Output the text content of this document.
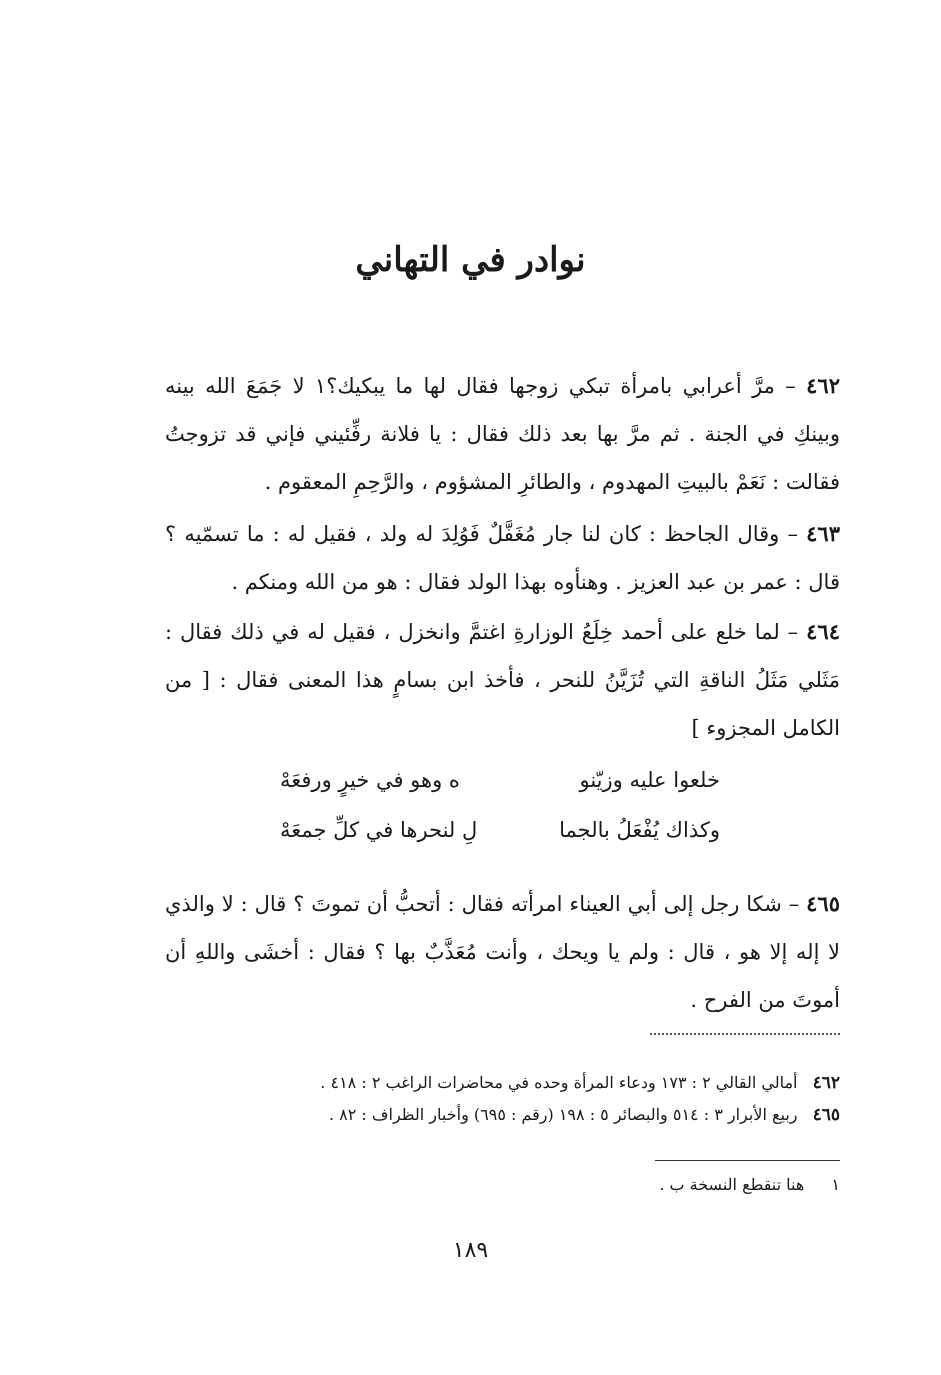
نوادر في التهاني
٤٦٢ – مرَّ أعرابي بامرأة تبكي زوجها فقال لها ما يبكيك؟١ لا جَمَعَ الله بينه وبينكِ في الجنة . ثم مرَّ بها بعد ذلك فقال : يا فلانة رفِّئيني فإني قد تزوجتُ فقالت : نَعَمْ بالبيتِ المهدوم ، والطائرِ المشؤوم ، والرَّحِمِ المعقوم .
٤٦٣ – وقال الجاحظ : كان لنا جار مُغَفَّلٌ فَوُلِدَ له ولد ، فقيل له : ما تسمّيه ؟ قال : عمر بن عبد العزيز . وهنأوه بهذا الولد فقال : هو من الله ومنكم .
٤٦٤ – لما خلع على أحمد خِلَعُ الوزارةِ اغتمَّ وانخزل ، فقيل له في ذلك فقال : مَثَلي مَثَلُ الناقةِ التي تُزَيَّنُ للنحر ، فأخذ ابن بسامٍ هذا المعنى فقال : [ من الكامل المجزوء ]
خلعوا عليه وزيّنو
ه وهو في خيرٍ ورفعَهْ
وكذاك يُفْعَلُ بالجما
لِ لنحرها في كلِّ جمعَهْ
٤٦٥ – شكا رجل إلى أبي العيناء امرأته فقال : أتحبُّ أن تموتَ ؟ قال : لا والذي لا إله إلا هو ، قال : ولم يا ويحك ، وأنت مُعَذَّبٌ بها ؟ فقال : أخشَى واللهِ أن أموتَ من الفرح .
٤٦٢ أمالي القالي ٢ : ١٧٣ ودعاء المرأة وحده في محاضرات الراغب ٢ : ٤١٨ .
٤٦٥ ربيع الأبرار ٣ : ٥١٤ والبصائر ٥ : ١٩٨ (رقم : ٦٩٥) وأخبار الظراف : ٨٢ .
١ هنا تنقطع النسخة ب .
١٨٩
